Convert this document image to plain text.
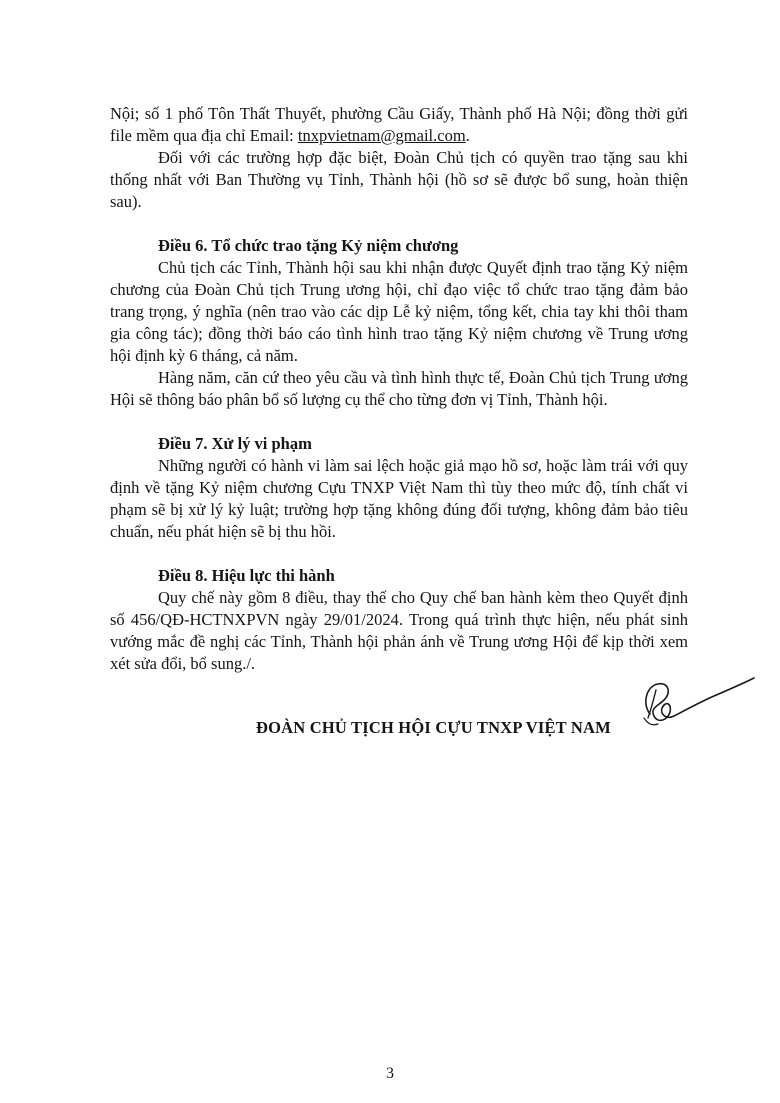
Nội; số 1 phố Tôn Thất Thuyết, phường Cầu Giấy, Thành phố Hà Nội; đồng thời gửi file mềm qua địa chỉ Email: tnxpvietnam@gmail.com.

Đối với các trường hợp đặc biệt, Đoàn Chủ tịch có quyền trao tặng sau khi thống nhất với Ban Thường vụ Tỉnh, Thành hội (hồ sơ sẽ được bổ sung, hoàn thiện sau).

Điều 6. Tổ chức trao tặng Kỷ niệm chương

Chủ tịch các Tỉnh, Thành hội sau khi nhận được Quyết định trao tặng Kỷ niệm chương của Đoàn Chủ tịch Trung ương hội, chỉ đạo việc tổ chức trao tặng đảm bảo trang trọng, ý nghĩa (nên trao vào các dịp Lễ kỷ niệm, tổng kết, chia tay khi thôi tham gia công tác); đồng thời báo cáo tình hình trao tặng Kỷ niệm chương về Trung ương hội định kỳ 6 tháng, cả năm.

Hàng năm, căn cứ theo yêu cầu và tình hình thực tế, Đoàn Chủ tịch Trung ương Hội sẽ thông báo phân bổ số lượng cụ thể cho từng đơn vị Tỉnh, Thành hội.

Điều 7. Xử lý vi phạm

Những người có hành vi làm sai lệch hoặc giả mạo hồ sơ, hoặc làm trái với quy định về tặng Kỷ niệm chương Cựu TNXP Việt Nam thì tùy theo mức độ, tính chất vi phạm sẽ bị xử lý kỷ luật; trường hợp tặng không đúng đối tượng, không đảm bảo tiêu chuẩn, nếu phát hiện sẽ bị thu hồi.

Điều 8. Hiệu lực thi hành

Quy chế này gồm 8 điều, thay thế cho Quy chế ban hành kèm theo Quyết định số 456/QĐ-HCTNXPVN ngày 29/01/2024. Trong quá trình thực hiện, nếu phát sinh vướng mắc đề nghị các Tỉnh, Thành hội phản ánh về Trung ương Hội để kịp thời xem xét sửa đổi, bổ sung./.

ĐOÀN CHỦ TỊCH HỘI CỰU TNXP VIỆT NAM
3
